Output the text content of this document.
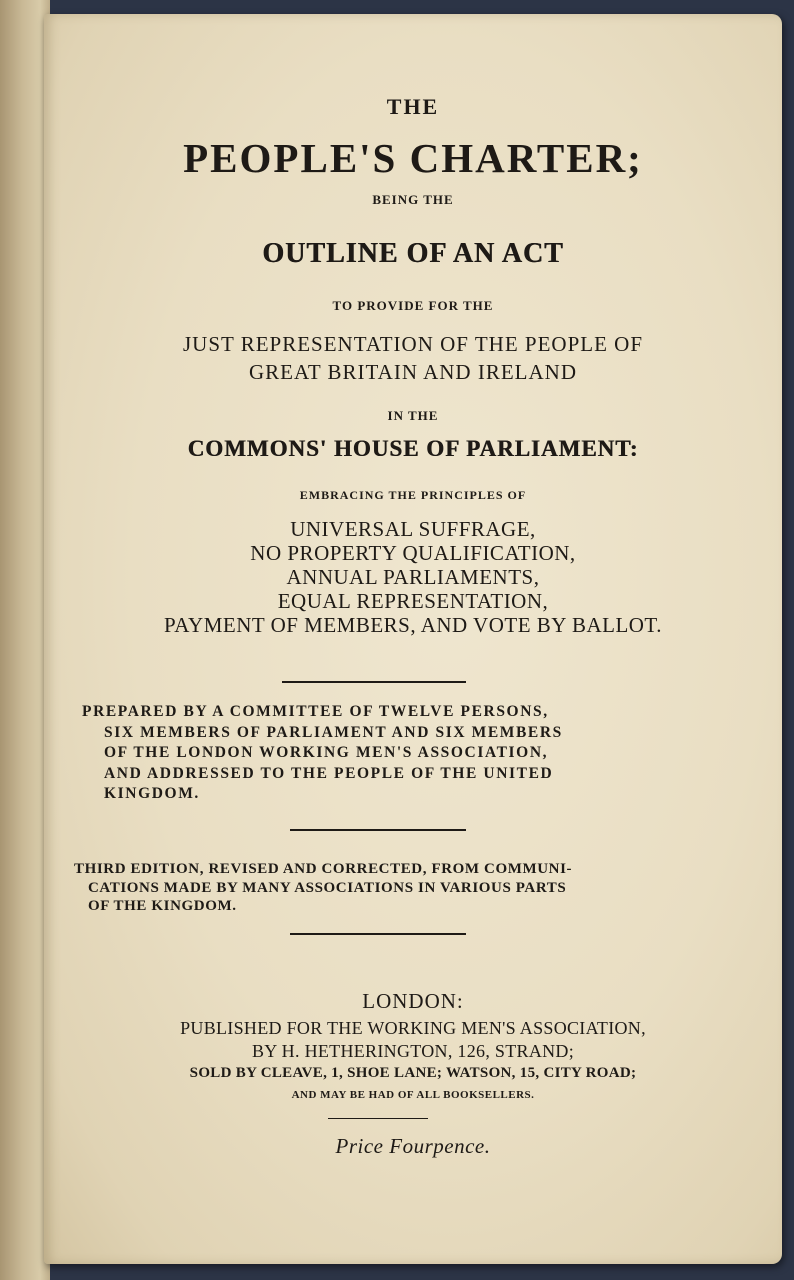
THE

PEOPLE'S CHARTER;

BEING THE

OUTLINE OF AN ACT

TO PROVIDE FOR THE

JUST REPRESENTATION OF THE PEOPLE OF

GREAT BRITAIN AND IRELAND

IN THE

COMMONS' HOUSE OF PARLIAMENT:

EMBRACING THE PRINCIPLES OF

UNIVERSAL SUFFRAGE,
NO PROPERTY QUALIFICATION,
ANNUAL PARLIAMENTS,
EQUAL REPRESENTATION,
PAYMENT OF MEMBERS, AND VOTE BY BALLOT.

PREPARED BY A COMMITTEE OF TWELVE PERSONS,
SIX MEMBERS OF PARLIAMENT AND SIX MEMBERS
OF THE LONDON WORKING MEN'S ASSOCIATION,
AND ADDRESSED TO THE PEOPLE OF THE UNITED
KINGDOM.

THIRD EDITION, REVISED AND CORRECTED, FROM COMMUNI-
CATIONS MADE BY MANY ASSOCIATIONS IN VARIOUS PARTS
OF THE KINGDOM.

LONDON:

PUBLISHED FOR THE WORKING MEN'S ASSOCIATION,

BY H. HETHERINGTON, 126, STRAND;

SOLD BY CLEAVE, 1, SHOE LANE; WATSON, 15, CITY ROAD;

AND MAY BE HAD OF ALL BOOKSELLERS.

Price Fourpence.
